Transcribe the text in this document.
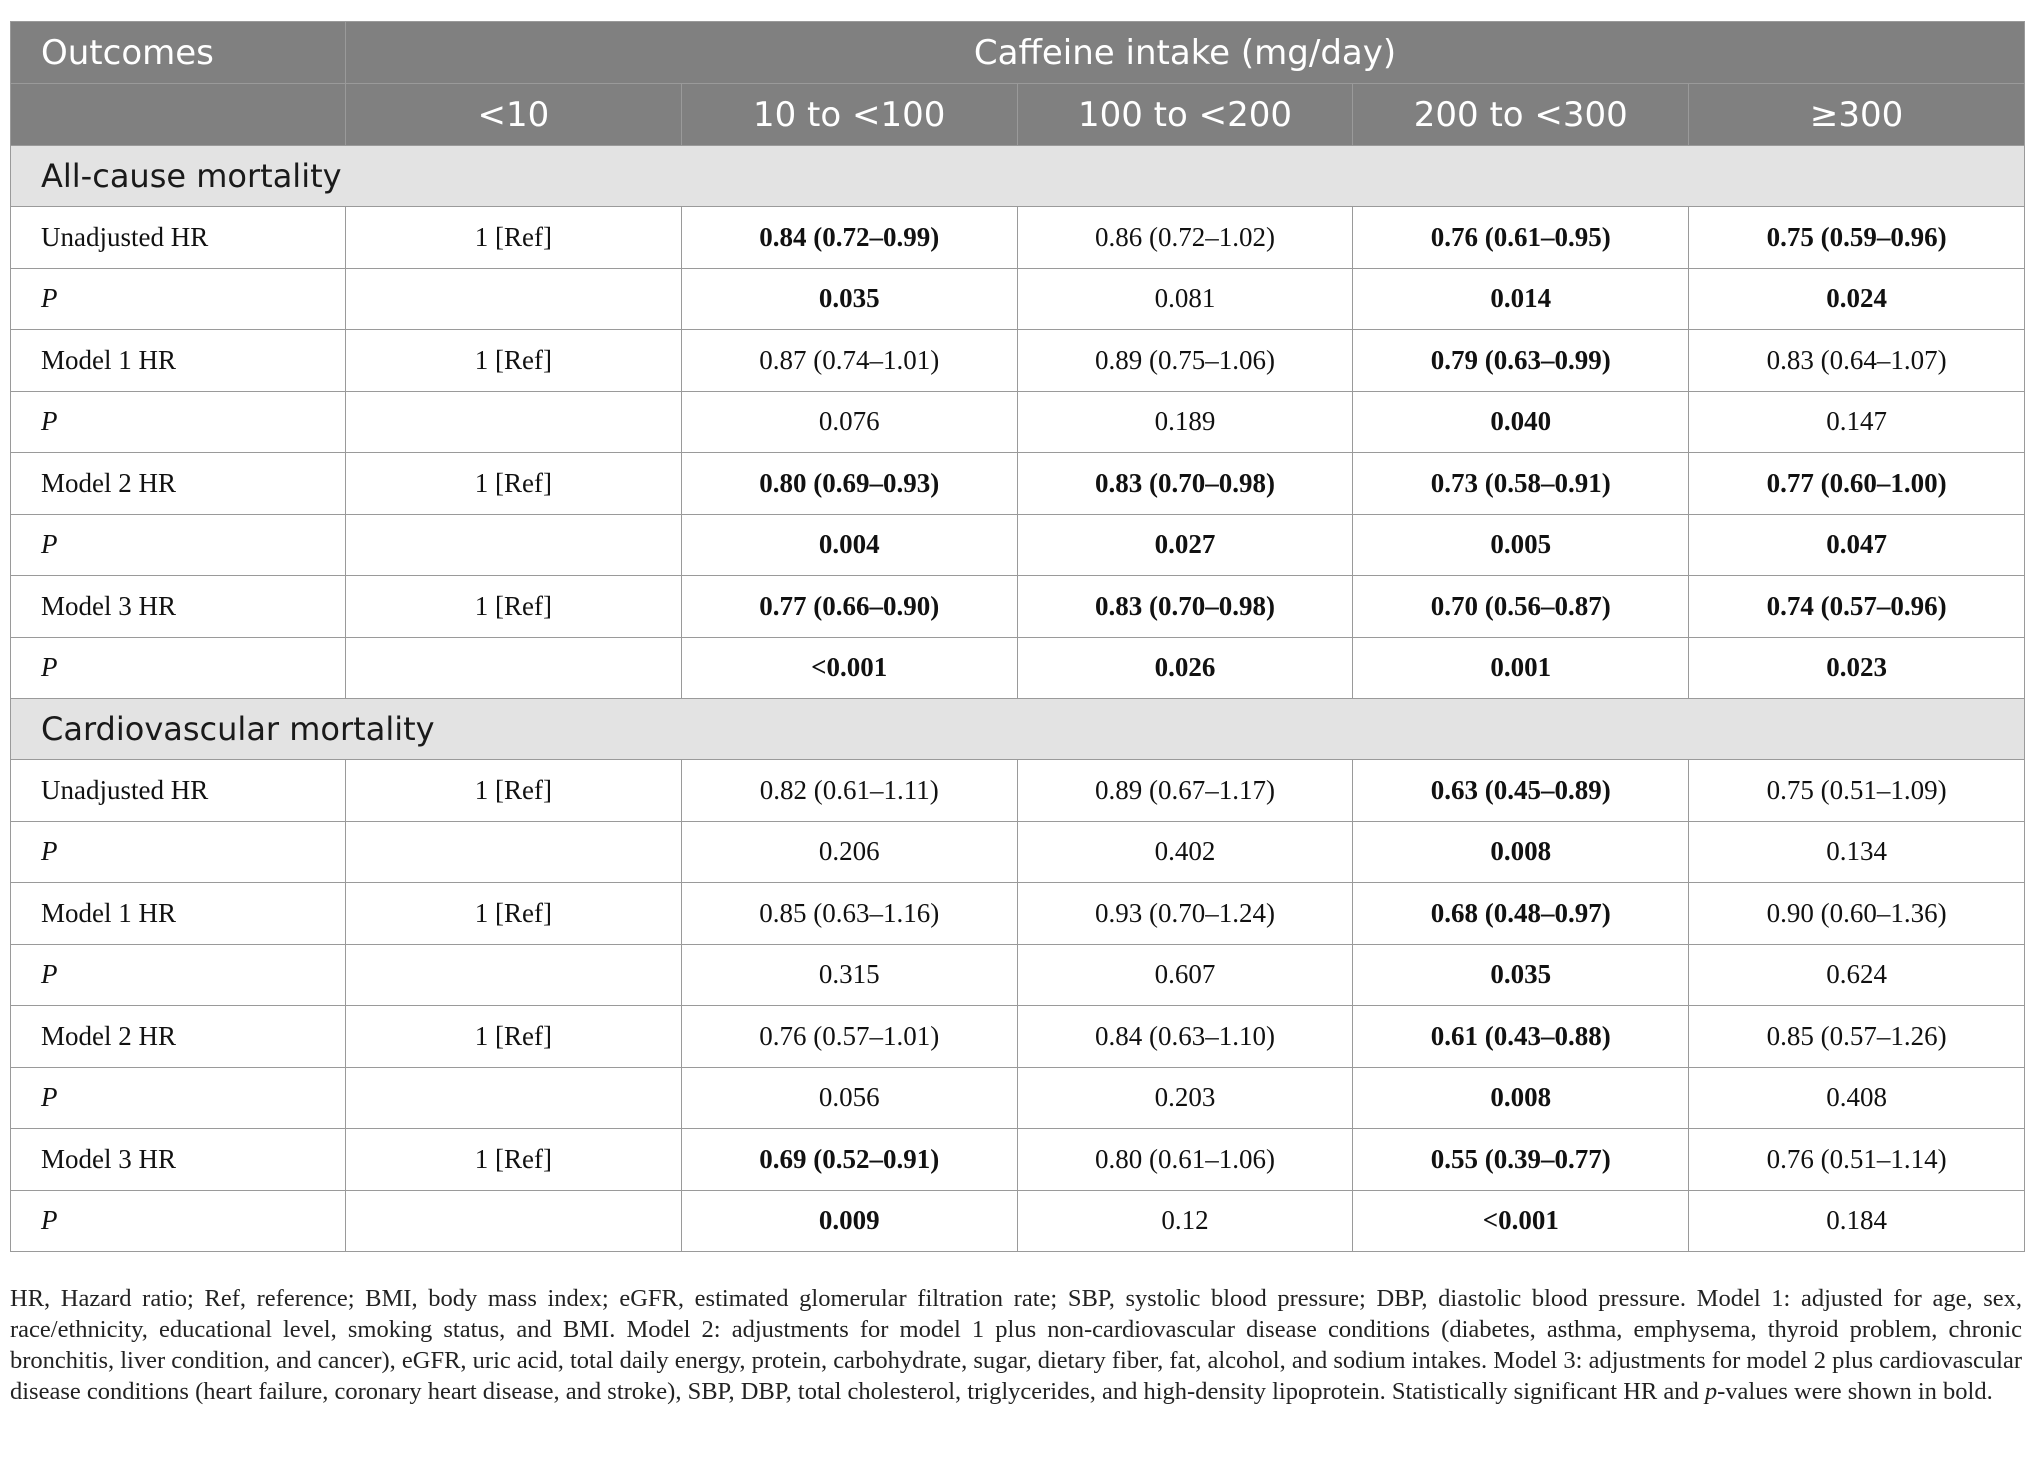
Outcomes	Caffeine intake (mg/day)				
	<10	10 to <100	100 to <200	200 to <300	≥300
All-cause mortality					
Unadjusted HR	1 [Ref]	0.84 (0.72–0.99)	0.86 (0.72–1.02)	0.76 (0.61–0.95)	0.75 (0.59–0.96)
P		0.035	0.081	0.014	0.024
Model 1 HR	1 [Ref]	0.87 (0.74–1.01)	0.89 (0.75–1.06)	0.79 (0.63–0.99)	0.83 (0.64–1.07)
P		0.076	0.189	0.040	0.147
Model 2 HR	1 [Ref]	0.80 (0.69–0.93)	0.83 (0.70–0.98)	0.73 (0.58–0.91)	0.77 (0.60–1.00)
P		0.004	0.027	0.005	0.047
Model 3 HR	1 [Ref]	0.77 (0.66–0.90)	0.83 (0.70–0.98)	0.70 (0.56–0.87)	0.74 (0.57–0.96)
P		<0.001	0.026	0.001	0.023
Cardiovascular mortality					
Unadjusted HR	1 [Ref]	0.82 (0.61–1.11)	0.89 (0.67–1.17)	0.63 (0.45–0.89)	0.75 (0.51–1.09)
P		0.206	0.402	0.008	0.134
Model 1 HR	1 [Ref]	0.85 (0.63–1.16)	0.93 (0.70–1.24)	0.68 (0.48–0.97)	0.90 (0.60–1.36)
P		0.315	0.607	0.035	0.624
Model 2 HR	1 [Ref]	0.76 (0.57–1.01)	0.84 (0.63–1.10)	0.61 (0.43–0.88)	0.85 (0.57–1.26)
P		0.056	0.203	0.008	0.408
Model 3 HR	1 [Ref]	0.69 (0.52–0.91)	0.80 (0.61–1.06)	0.55 (0.39–0.77)	0.76 (0.51–1.14)
P		0.009	0.12	<0.001	0.184

HR, Hazard ratio; Ref, reference; BMI, body mass index; eGFR, estimated glomerular filtration rate; SBP, systolic blood pressure; DBP, diastolic blood pressure. Model 1: adjusted for age, sex, race/ethnicity, educational level, smoking status, and BMI. Model 2: adjustments for model 1 plus non-cardiovascular disease conditions (diabetes, asthma, emphysema, thyroid problem, chronic bronchitis, liver condition, and cancer), eGFR, uric acid, total daily energy, protein, carbohydrate, sugar, dietary fiber, fat, alcohol, and sodium intakes. Model 3: adjustments for model 2 plus cardiovascular disease conditions (heart failure, coronary heart disease, and stroke), SBP, DBP, total cholesterol, triglycerides, and high-density lipoprotein. Statistically significant HR and p-values were shown in bold.
